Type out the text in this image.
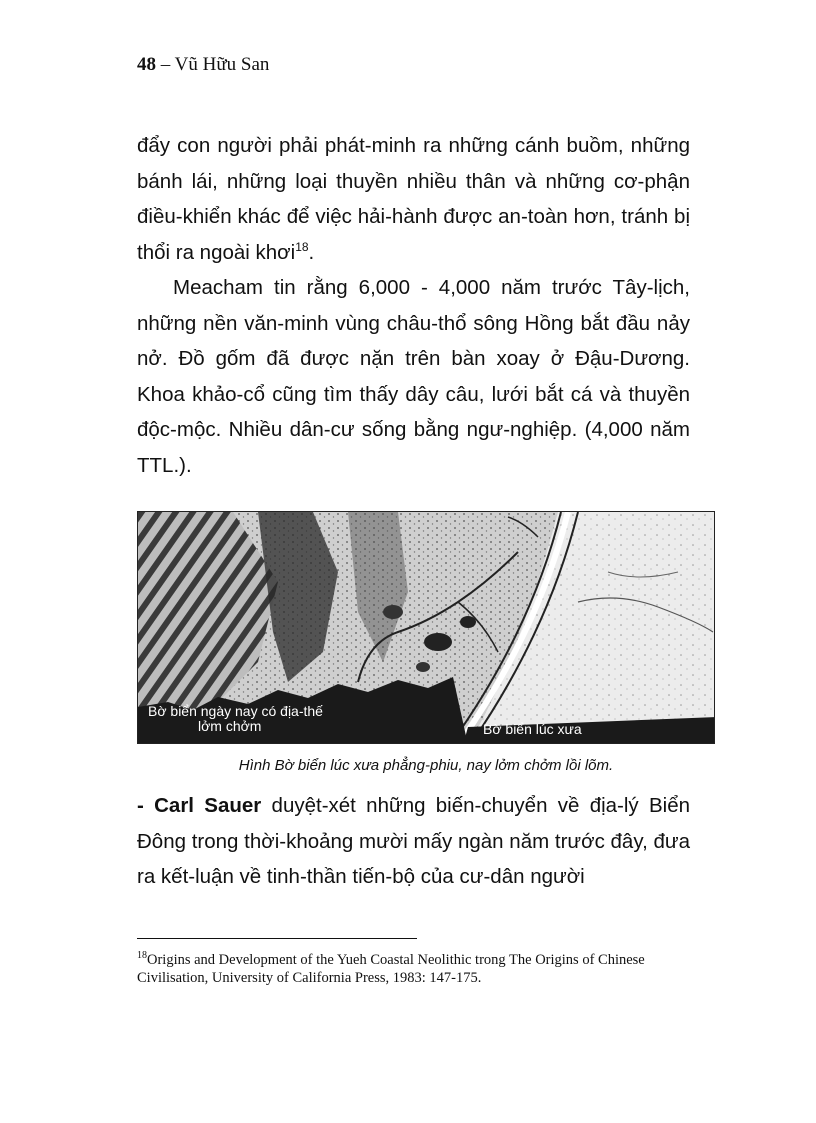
48 – Vũ Hữu San

đẩy con người phải phát-minh ra những cánh buồm, những bánh lái, những loại thuyền nhiều thân và những cơ-phận điều-khiển khác để việc hải-hành được an-toàn hơn, tránh bị thổi ra ngoài khơi$^{18}$.

Meacham tin rằng 6,000 - 4,000 năm trước Tây-lịch, những nền văn-minh vùng châu-thổ sông Hồng bắt đầu nảy nở. Đồ gốm đã được nặn trên bàn xoay ở Đậu-Dương. Khoa khảo-cổ cũng tìm thấy dây câu, lưới bắt cá và thuyền độc-mộc. Nhiều dân-cư sống bằng ngư-nghiệp. (4,000 năm TTL.).

Bờ biển ngày nay có địa-thế
lởm chởm	Bờ biển lúc xưa
Hình Bờ biển lúc xưa phẳng-phiu, nay lởm chởm lồi lõm.

- Carl Sauer duyệt-xét những biến-chuyển về địa-lý Biển Đông trong thời-khoảng mười mấy ngàn năm trước đây, đưa ra kết-luận về tinh-thần tiến-bộ của cư-dân người

$^{18}$Origins and Development of the Yueh Coastal Neolithic trong The Origins of Chinese Civilisation, University of California Press, 1983: 147-175.
